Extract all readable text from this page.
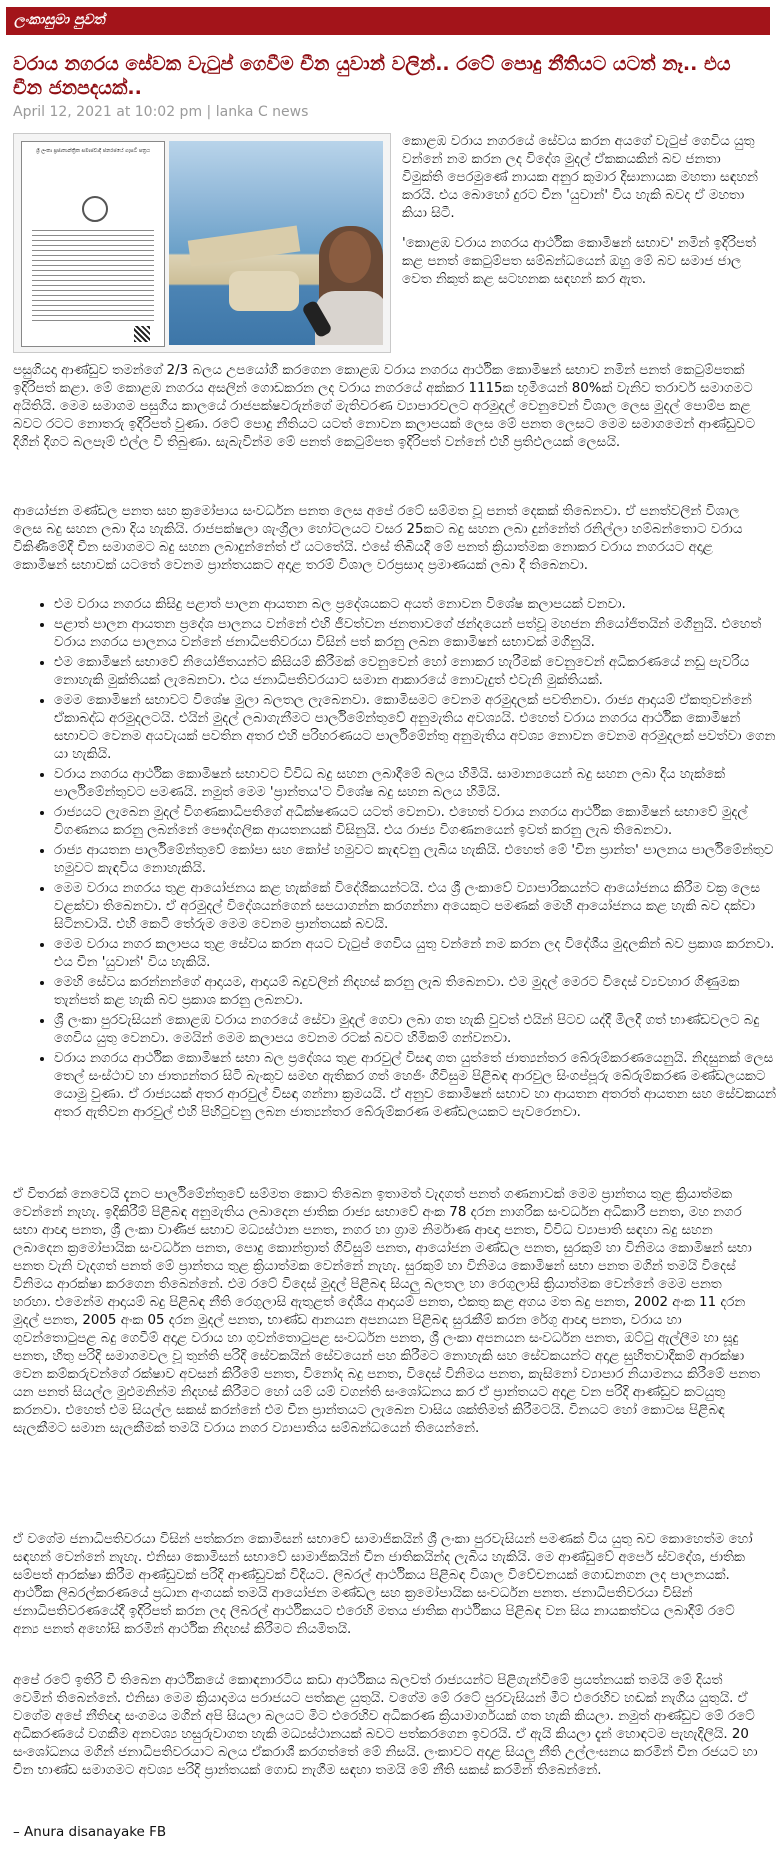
ලංකාසුමා පුවත්
වරාය නගරය සේවක වැටුප් ගෙවීම චීන යුවාන් වලින්.. රටේ පොදු නීතියට යටත් නෑ.. එය චීන ජනපදයක්..
April 12, 2021 at 10:02 pm | lanka C news
ශ්‍රී ලංකා ප්‍රජාතාන්ත්‍රික සමාජවාදී ජනරජයේ ගැසට් පත්‍රය

කොළඹ වරාය නගරයේ සේවය කරන අයගේ වැටුප් ගෙවිය යුතු වන්නේ නම කරන ලද විදේශ මුදල් ඒකකයකින් බව ජනතා විමුක්ති පෙරමුණේ නායක අනුර කුමාර දිසානායක මහතා සඳහන් කරයි. එය බොහෝ දුරට චීන 'යුවාන්' විය හැකි බවද ඒ මහතා කියා සිටී.

'කොළඹ වරාය නගරය ආර්ථික කොමිෂන් සභාව' නමින් ඉදිරිපත් කළ පනත් කෙටුම්පත සම්බන්ධයෙන් ඔහු මේ බව සමාජ ජාල වෙත නිකුත් කළ සටහනක සඳහන් කර ඇත.

පසුගියදා ආණ්ඩුව තමන්ගේ 2/3 බලය උපයෝගී කරගෙන කොළඹ වරාය නගරය ආර්ථික කොමිෂන් සභාව නමින් පනත් කෙටුම්පතක් ඉදිරිපත් කළා. මේ කොළඹ නගරය අසලින් ගොඩකරන ලද වරාය නගරයේ අක්කර 1115ක භූමියෙන් 80%ක් වැනිව තරාවර් සමාගමට අයිතියි. මෙම සමාගම පසුගිය කාලයේ රාජපක්ෂවරුන්ගේ මැතිවරණ ව්‍යාපාරවලට අරමුදල් වෙනුවෙන් විශාල ලෙස මුදල් පොම්ප කළ බවට රටට නොතරු ඉදිරිපත් වුණා. රටේ පොදු නීතියට යටත් නොවන කලාපයක් ලෙස මේ පනත ලෙසට මෙම සමාගමෙන් ආණ්ඩුවට දිගින් දිගට බලපෑම් එල්ල වී තිබුණා. සැබැවින්ම මේ පනත් කෙටුම්පත ඉදිරිපත් වන්නේ එහි ප්‍රතිඵලයක් ලෙසයි.

ආයෝජන මණ්ඩල පනත සහ ක්‍රමෝපාය සංවර්ධන පනත ලෙස අපේ රටේ සම්මත වූ පනත් දෙකක් තිබෙනවා. ඒ පනත්වලින් විශාල ලෙස බදු සහන ලබා දිය හැකියි. රාජපක්ෂලා ශැංග්‍රිලා හෝටලයට වසර 25කට බදු සහන ලබා දුන්නේත් රනිල්ලා හම්බන්තොට වරාය විකිණීමේදී චීන සමාගමට බදු සහන ලබාදුන්නේත් ඒ යටතේයි. එසේ තිබියදී මේ පනත් ක්‍රියාත්මක නොකර වරාය නගරයට අදාළ කොමිෂන් සභාවක් යටතේ වෙනම ප්‍රාන්තයකට අදාළ තරම් විශාල වරප්‍රසාද ප්‍රමාණයක් ලබා දී තිබෙනවා.

• එම වරාය නගරය කිසිදු පළාත් පාලන ආයතන බල ප්‍රදේශයකට අයත් නොවන විශේෂ කලාපයක් වනවා.
• පළාත් පාලන ආයතන ප්‍රදේශ පාලනය වන්නේ එහි ජීවත්වන ජනතාවගේ ඡන්දයෙන් පත්වූ මහජන නියෝජිතයින් මගිනුයි. එහෙත් වරාය නගරය පාලනය වන්නේ ජනාධිපතිවරයා විසින් පත් කරනු ලබන කොමිෂන් සභාවක් මගිනුයි.
• එම කොමිෂන් සභාවේ නියෝජිතයන්ට කිසියම් කිරීමක් වෙනුවෙන් හෝ නොකර හැරීමක් වෙනුවෙන් අධිකරණයේ නඩු පැවරිය නොහැකි මුක්තියක් ලැබෙනවා. එය ජනාධිපතිවරයාට සමාන ආකාරයේ නොවැදුත් එවැනි මුක්තියක්.
• මෙම කොමිෂන් සභාවට විශේෂ මුලා බලතල ලැබෙනවා. කොමිසමට වෙනම අරමුදලක් පවතිනවා. රාජ්‍ය ආදායම් ඒකතුවන්නේ ඒකාබද්ධ අරමුදලටයි. එයින් මුදල් ලබාගැනීමට පාර්ලිමේන්තුවේ අනුමැතිය අවශ්‍යයි. එහෙත් වරාය නගරය ආර්ථික කොමිෂන් සභාවට වෙනම අයවැයක් පවතින අතර එහි පරිහරණයට පාර්ලිමේන්තු අනුමැතිය අවශ්‍ය නොවන වෙනම අරමුදලක් පවත්වා ගෙන යා හැකියි.
• වරාය නගරය ආර්ථික කොමිෂන් සභාවට විවිධ බදු සහන ලබාදීමේ බලය හිමියි. සාමාන්‍යයෙන් බදු සහන ලබා දිය හැක්කේ පාර්ලිමේන්තුවට පමණයි. නමුත් මෙම 'ප්‍රාන්තය'ට විශේෂ බදු සහන බලය හිමියි.
• රාජ්‍යයට ලැබෙන මුදල් විගණකාධිපතිගේ අධීක්ෂණයට යටත් වෙනවා. එහෙත් වරාය නගරය ආර්ථික කොමිෂන් සභාවේ මුදල් විගණනය කරනු ලබන්නේ පෞද්ගලික ආයතනයක් විසිනුයි. එය රාජ්‍ය විගණනයෙන් ඉවත් කරනු ලැබ තිබෙනවා.
• රාජ්‍ය ආයතන පාර්ලිමේන්තුවේ කෝපා සහ කෝප් හමුවට කැඳවනු ලැබිය හැකියි. එහෙත් මේ 'චීන ප්‍රාන්ත' පාලනය පාර්ලිමේන්තුව හමුවට කැඳවිය නොහැකියි.
• මෙම වරාය නගරය තුළ ආයෝජනය කළ හැක්කේ විදේශිකයන්ටයි. එය ශ්‍රී ලංකාවේ ව්‍යාපාරිකයන්ට ආයෝජනය කිරීම වක්‍ර ලෙස වළක්වා තිබෙනවා. ඒ අරමුදල් විදේශයන්ගෙන් සපයාගන්න කරගන්නා අයෙකුට පමණක් මෙහි ආයෝජනය කළ හැකි බව දක්වා සිටිනවායි. එහි කෙටි තේරුම මෙම වෙනම ප්‍රාන්තයක් බවයි.
• මෙම වරාය නගර කලාපය තුළ සේවය කරන අයට වැටුප් ගෙවිය යුතු වන්නේ නම කරන ලද විදේශීය මුදලකින් බව ප්‍රකාශ කරනවා. එය චීන 'යුවාන්' විය හැකියි.
• මෙහි සේවය කරන්නන්ගේ ආදායම, ආදායම් බදුවලින් නිදහස් කරනු ලැබ තිබෙනවා. එම මුදල් මෙරට විදෙස් ව්‍යවහාර ගිණුමක තැන්පත් කළ හැකි බව ප්‍රකාශ කරනු ලබනවා.
• ශ්‍රී ලංකා පුරවැසියන් කොළඹ වරාය නගරයේ සේවා මුදල් ගෙවා ලබා ගත හැකි වුවත් එයින් පිටව යද්දී මිලදී ගත් භාණ්ඩවලට බදු ගෙවිය යුතු වෙනවා. මෙයින් මෙම කලාපය වෙනම රටක් බවට හිමිකම් ගන්වනවා.
• වරාය නගරය ආර්ථික කොමිෂන් සභා බල ප්‍රදේශය තුළ ආරවුල් විසඳා ගත යුත්තේ ජාත්‍යන්තර බේරුම්කරණයෙනුයි. නිදසුනක් ලෙස තෙල් සංස්ථාව හා ජාත්‍යන්තර සිටි බැංකුව සමඟ ඇතිකර ගත් හෙජිං ගිවිසුම පිළිබඳ ආරවුල සිංගප්පූරු බේරුම්කරණ මණ්ඩලයකට යොමු වුණා. ඒ රාජ්‍යයක් අතර ආරවුල් විසඳා ගන්නා ක්‍රමයයි. ඒ අනුව කොමිෂන් සභාව හා ආයතන අතරත් ආයතන සහ සේවකයන් අතර ඇතිවන ආරවුල් එහි පිහිටුවනු ලබන ජාත්‍යන්තර බේරුම්කරණ මණ්ඩලයකට පැවරෙනවා.

ඒ විතරක් නෙවෙයි දැනට පාර්ලිමේන්තුවේ සම්මත කොට තිබෙන ඉතාමත් වැදගත් පනත් ගණනාවක් මෙම ප්‍රාන්තය තුළ ක්‍රියාත්මක වෙන්නේ නැහැ. ඉදිකිරීම් පිළිබඳ අනුමැතිය ලබාදෙන ජාතික රාජ්‍ය සභාවේ අංක 78 දරන නාගරික සංවර්ධන අධිකාරී පනත, මහ නගර සභා ආඥා පනත, ශ්‍රී ලංකා වාණිජ සභාව මධ්‍යස්ථාන පනත, නගර හා ග්‍රාම නිර්මාණ ආඥා පනත, විවිධ ව්‍යාපාති සඳහා බදු සහන ලබාදෙන ක්‍රමෝපායික සංවර්ධන පනත, පොදු කොන්ත්‍රාත් ගිවිසුම් පනත, ආයෝජන මණ්ඩල පනත, සුරකුම් හා විනිමය කොමිෂන් සභා පනත වැනි වැදගත් පනත් මේ ප්‍රාන්තය තුළ ක්‍රියාත්මක වෙන්නේ නැහැ. සුරකුම් හා විනිමය කොමිෂන් සභා පනත මගින් තමයි විදෙස් විනිමය ආරක්ෂා කරගෙන තිබෙන්නේ. එම රටේ විදෙස් මුදල් පිළිබඳ සියලු බලතල හා රෙගුලාසි ක්‍රියාත්මක වෙන්නේ මෙම පනත හරහා. එමෙන්ම ආදායම් බදු පිළිබඳ නීති රෙගුලාසි ඇතුළත් දේශීය ආදායම් පනත, එකතු කළ අගය මත බදු පනත, 2002 අංක 11 දරන මුදල් පනත, 2005 අංක 05 දරන මුදල් පනත, භාණ්ඩ ආනයන අපනයන පිළිබඳ සුරැකීම් කරන රේගු ආඥා පනත, වරාය හා ගුවන්තොටුපළ බදු ගෙවීම් අදාළ වරාය හා ගුවන්තොටුපළ සංවර්ධන පනත, ශ්‍රී ලංකා අපනයන සංවර්ධන පනත, ඔට්ටු ඇල්ලීම හා සූදු පනත, හිතු පරිදි සමාගමවල වූ තුන්ති පරිදි සේවකයින් සේවයෙන් පහ කිරීමට නොහැකි සහ සේවකයන්ට අදාළ සුහිතවාදීකම් ආරක්ෂා වෙන කම්කරුවන්ගේ රක්ෂාව අවසන් කිරීමේ පනත, විනෝද බදු පනත, විදෙස් විනිමය පනත, කැසිනෝ ව්‍යාපාර නියාමනය කිරීමේ පනත යන පනත් සියල්ල මුළුමනින්ම නිදහස් කිරීමට හෝ යම් යම් වගන්ති සංශෝධනය කර ඒ ප්‍රාන්තයට අදාළ වන පරිදි ආණ්ඩුව කටයුතු කරනවා. එහෙත් එම සියල්ල සකස් කරන්නේ එම චීන ප්‍රාන්තයට ලැබෙන වාසිය ශක්තිමත් කිරීමටයි. විනයට හෝ කොටස පිළිබඳ සැලකීමට සමාන සැලකීමක් තමයි වරාය නගර ව්‍යාපාතිය සම්බන්ධයෙන් තියෙන්නේ.

ඒ වගේම ජනාධිපතිවරයා විසින් පත්කරන කොමිසන් සභාවේ සාමාජිකයින් ශ්‍රී ලංකා පුරවැසියන් පමණක් විය යුතු බව කොහෙත්ම හෝ සඳහන් වෙන්නේ නැහැ. එනිසා කොමිසන් සභාවේ සාමාජිකයින් චීන ජාතිකයින්ද ලැබිය හැකියි. මෙ ආණ්ඩුවේ අපෙර් ස්වදේශ, ජාතික සම්පත් ආරක්ෂා කිරීම ආණ්ඩුවක් පරිදි ආණ්ඩුවක් විදියට. ලිබරල් ආර්ථිකය පිළිබඳ විශාල විවේචනයක් ගොඩනගන ලද පාලනයක්. ආර්ථික ලිබරල්කරණයේ ප්‍රධාන අංගයක් තමයි ආයෝජන මණ්ඩල සහ ක්‍රමෝපායික සංවර්ධන පනත. ජනාධිපතිවරයා විසින් ජනාධිපතිවරණයේදී ඉදිරිපත් කරන ලද ලිබරල් ආර්ථිකයට එරෙහි මතය ජාතික ආර්ථිකය පිළිබඳ වන සිය නායකත්වය ලබාදීම් රටේ අන්‍ය පනත් අහෝසි කරමින් ආර්ථික නිදහස් කිරීමට නියමිතයි.

අපේ රටේ ඉතිරි වී තිබෙන ආර්ථිකයේ කොඳනාරටිය කඩා ආර්ථිකය බලවත් රාජ්‍යයන්ට පිළිගැන්වීමේ ප්‍රයත්නයක් තමයි මේ දියත් වෙමින් තිබෙන්නේ. එනිසා මෙම ක්‍රියාදාමය පරාජයට පත්කළ යුතුයි. වගේම මේ රටේ පුරවැසියන් මීට එරෙහිව හඬක් නැගිය යුතුයි. ඒ වගේම අපේ නීතිඥ සංගමය මගින් අපි සියලා බලයට මිට එරෙහිව අධිකරණ ක්‍රියාමාර්ගයක් ගත හැකි කියලා. නමුත් ආණ්ඩුව මේ රටේ අධිකරණයේ වගකීම අනවශ්‍ය හසුරුවාගත හැකි මධ්‍යස්ථානයක් බවට පත්කරගෙන ඉවරයි. ඒ ඇයි කියලා දැන් හොඳටම පැහැදිලියි. 20 සංශෝධනය මගින් ජනාධිපතිවරයාට බලය ඒකරාශී කරගත්තේ මේ නිසයි. ලංකාවට අදාළ සියලු නීති උල්ලංඝනය කරමින් චීන රජයට හා චීන භාණ්ඩ සමාගමට අවශ්‍ය පරිදි ප්‍රාන්තයක් ගොඩ නැගීම සඳහා තමයි මේ නීති සකස් කරමින් තිබෙන්නේ.

– Anura disanayake FB
